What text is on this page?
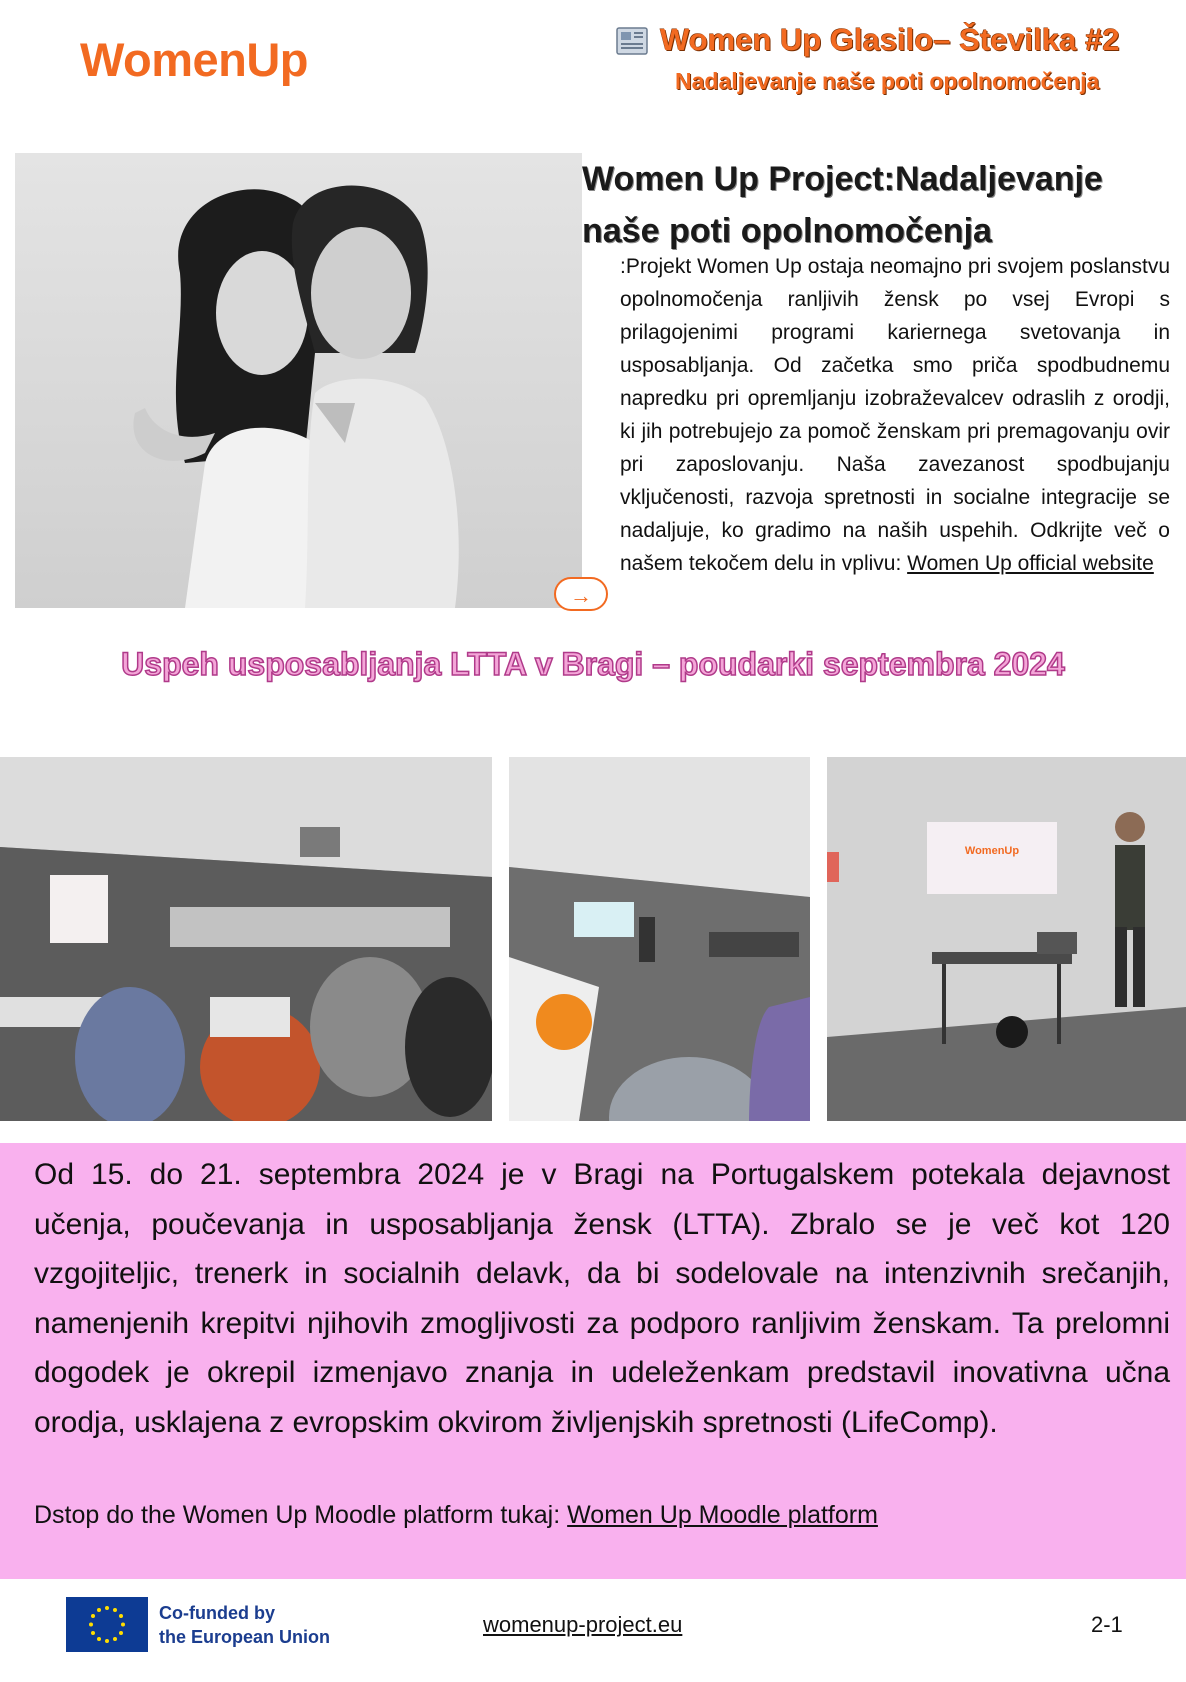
WomenUp	Women Up Glasilo– Številka #2
Nadaljevanje naše poti opolnomočenja
Women Up Project:Nadaljevanje naše poti opolnomočenja
:Projekt Women Up ostaja neomajno pri svojem poslanstvu opolnomočenja ranljivih žensk po vsej Evropi s prilagojenimi programi kariernega svetovanja in usposabljanja. Od začetka smo priča spodbudnemu napredku pri opremljanju izobraževalcev odraslih z orodji, ki jih potrebujejo za pomoč ženskam pri premagovanju ovir pri zaposlovanju. Naša zavezanost spodbujanju vključenosti, razvoja spretnosti in socialne integracije se nadaljuje, ko gradimo na naših uspehih. Odkrijte več o našem tekočem delu in vplivu: Women Up official website
→
Uspeh usposabljanja LTTA v Bragi – poudarki septembra 2024
WomenUp
Od 15. do 21. septembra 2024 je v Bragi na Portugalskem potekala dejavnost učenja, poučevanja in usposabljanja žensk (LTTA). Zbralo se je več kot 120 vzgojiteljic, trenerk in socialnih delavk, da bi sodelovale na intenzivnih srečanjih, namenjenih krepitvi njihovih zmogljivosti za podporo ranljivim ženskam. Ta prelomni dogodek je okrepil izmenjavo znanja in udeleženkam predstavil inovativna učna orodja, usklajena z evropskim okvirom življenjskih spretnosti (LifeComp).
Dstop do the Women Up Moodle platform tukaj: Women Up Moodle platform
Co-funded by
the European Union	womenup-project.eu	2-1
